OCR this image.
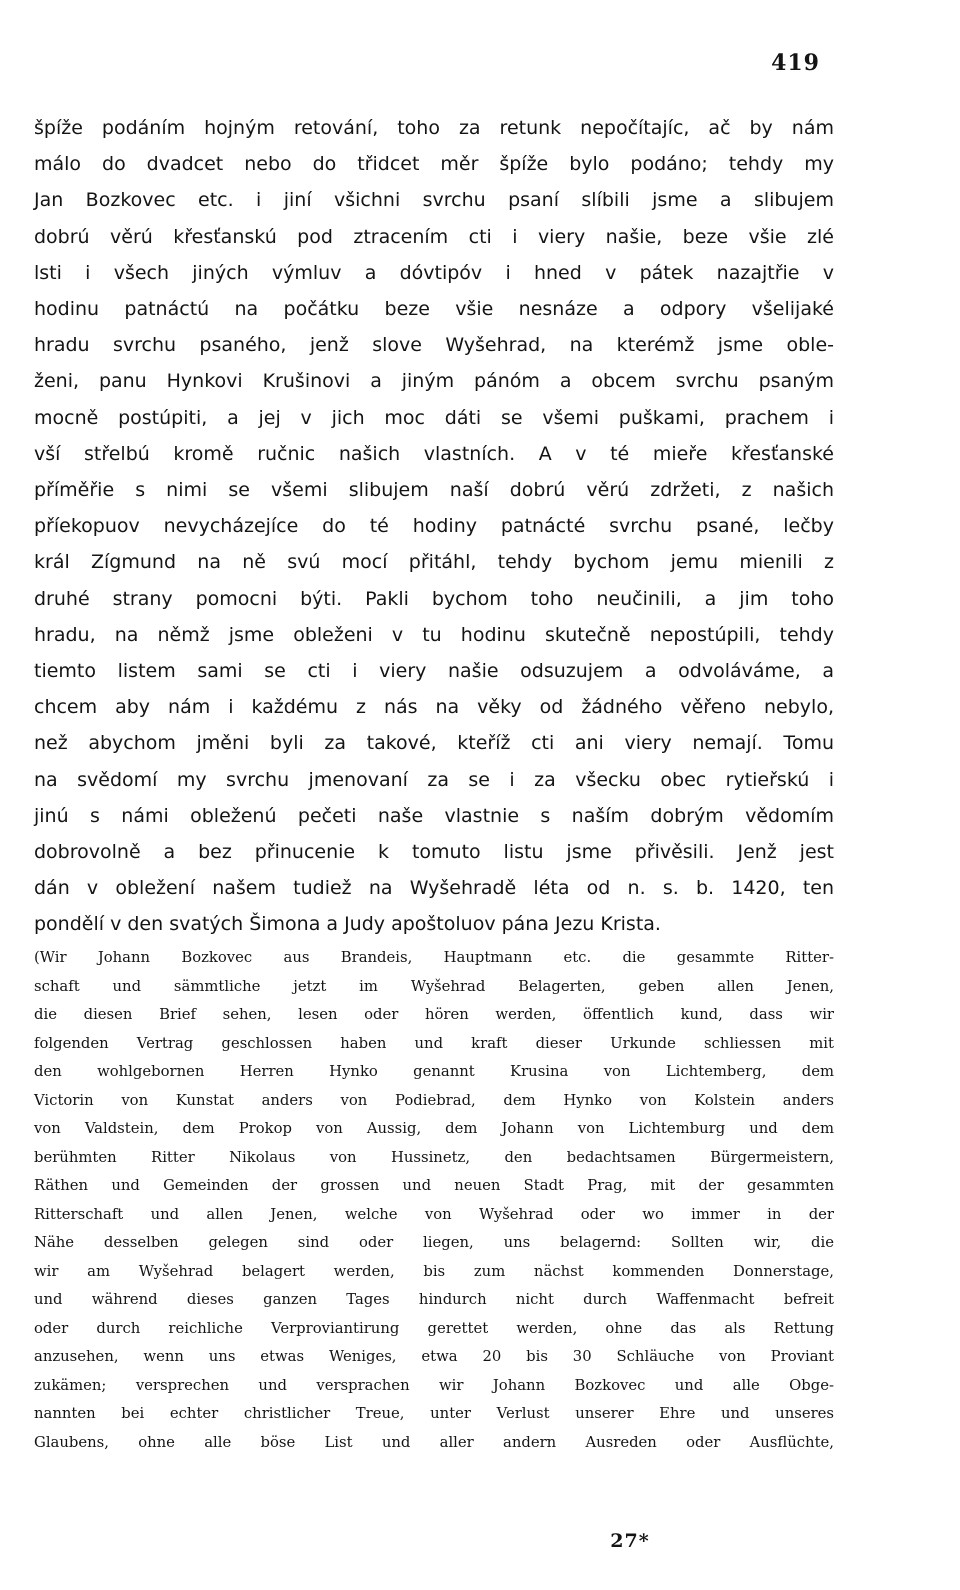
419
špíže podáním hojným retování, toho za retunk nepočítajíc, ač by nám
málo do dvadcet nebo do třidcet měr špíže bylo podáno; tehdy my
Jan Bozkovec etc. i jiní všichni svrchu psaní slíbili jsme a slibujem
dobrú věrú křesťanskú pod ztracením cti i viery našie, beze všie zlé
lsti i všech jiných výmluv a dóvtipóv i hned v pátek nazajtřie v
hodinu patnáctú na počátku beze všie nesnáze a odpory všelijaké
hradu svrchu psaného, jenž slove Wyšehrad, na kterémž jsme oble-
ženi, panu Hynkovi Krušinovi a jiným pánóm a obcem svrchu psaným
mocně postúpiti, a jej v jich moc dáti se všemi puškami, prachem i
vší střelbú kromě ručnic našich vlastních. A v té mieře křesťanské
příměřie s nimi se všemi slibujem naší dobrú věrú zdržeti, z našich
příekopuov nevycházejíce do té hodiny patnácté svrchu psané, lečby
král Zígmund na ně svú mocí přitáhl, tehdy bychom jemu mienili z
druhé strany pomocni býti. Pakli bychom toho neučinili, a jim toho
hradu, na němž jsme obleženi v tu hodinu skutečně nepostúpili, tehdy
tiemto listem sami se cti i viery našie odsuzujem a odvoláváme, a
chcem aby nám i každému z nás na věky od žádného věřeno nebylo,
než abychom jměni byli za takové, kteříž cti ani viery nemají. Tomu
na svědomí my svrchu jmenovaní za se i za všecku obec rytieřskú i
jinú s námi obleženú pečeti naše vlastnie s naším dobrým vědomím
dobrovolně a bez přinucenie k tomuto listu jsme přivěsili. Jenž jest
dán v obležení našem tudiež na Wyšehradě léta od n. s. b. 1420, ten
pondělí v den svatých Šimona a Judy apoštoluov pána Jezu Krista.
(Wir Johann Bozkovec aus Brandeis, Hauptmann etc. die gesammte Ritter-
schaft und sämmtliche jetzt im Wyšehrad Belagerten, geben allen Jenen,
die diesen Brief sehen, lesen oder hören werden, öffentlich kund, dass wir
folgenden Vertrag geschlossen haben und kraft dieser Urkunde schliessen mit
den wohlgebornen Herren Hynko genannt Krusina von Lichtemberg, dem
Victorin von Kunstat anders von Podiebrad, dem Hynko von Kolstein anders
von Valdstein, dem Prokop von Aussig, dem Johann von Lichtemburg und dem
berühmten Ritter Nikolaus von Hussinetz, den bedachtsamen Bürgermeistern,
Räthen und Gemeinden der grossen und neuen Stadt Prag, mit der gesammten
Ritterschaft und allen Jenen, welche von Wyšehrad oder wo immer in der
Nähe desselben gelegen sind oder liegen, uns belagernd: Sollten wir, die
wir am Wyšehrad belagert werden, bis zum nächst kommenden Donnerstage,
und während dieses ganzen Tages hindurch nicht durch Waffenmacht befreit
oder durch reichliche Verproviantirung gerettet werden, ohne das als Rettung
anzusehen, wenn uns etwas Weniges, etwa 20 bis 30 Schläuche von Proviant
zukämen; versprechen und versprachen wir Johann Bozkovec und alle Obge-
nannten bei echter christlicher Treue, unter Verlust unserer Ehre und unseres
Glaubens, ohne alle böse List und aller andern Ausreden oder Ausflüchte,
27*
